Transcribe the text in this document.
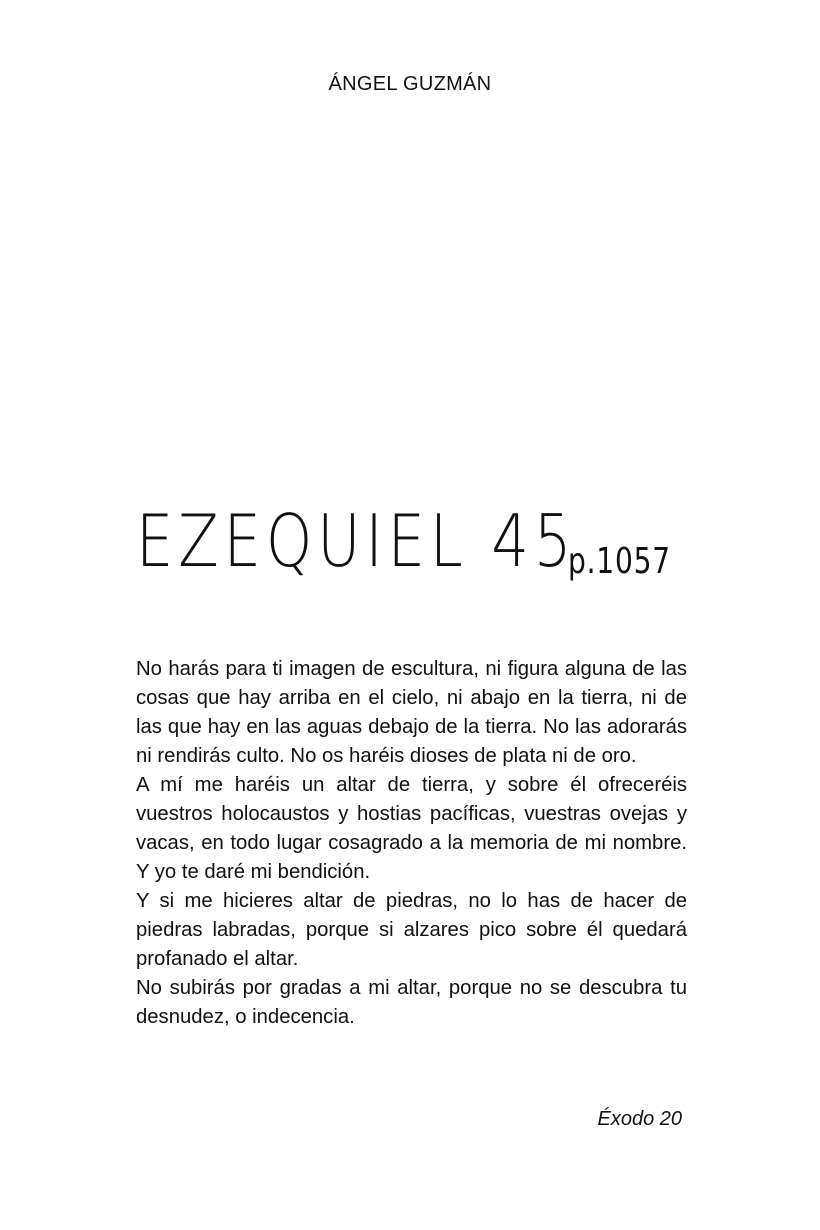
ÁNGEL GUZMÁN
EZEQUIEL 45
p.1057

No harás para ti imagen de escultura, ni figura alguna de las cosas que hay arriba en el cielo, ni abajo en la tierra, ni de las que hay en las aguas debajo de la tierra. No las adorarás ni rendirás culto. No os haréis dioses de plata ni de oro.

A mí me haréis un altar de tierra, y sobre él ofreceréis vuestros holocaustos y hostias pacíficas, vuestras ovejas y vacas, en todo lugar cosagrado a la memoria de mi nombre. Y yo te daré mi bendición.

Y si me hicieres altar de piedras, no lo has de hacer de piedras labradas, porque si alzares pico sobre él quedará profanado el altar.

No subirás por gradas a mi altar, porque no se descubra tu desnudez, o indecencia.

Éxodo 20
